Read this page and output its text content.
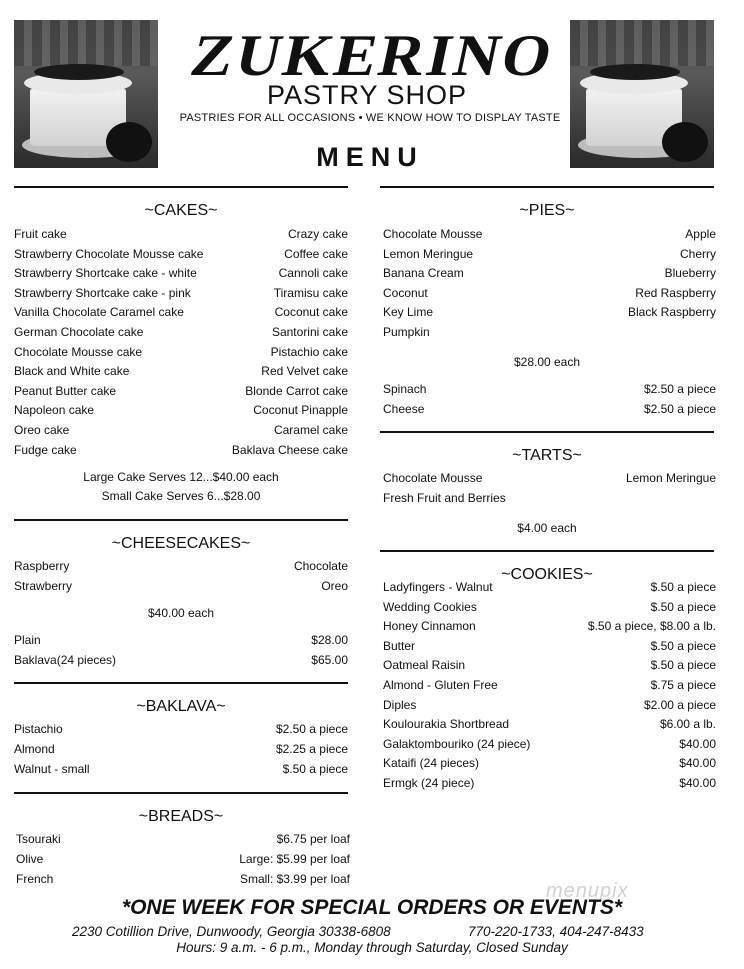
ZUKERINO
PASTRY SHOP
PASTRIES FOR ALL OCCASIONS • WE KNOW HOW TO DISPLAY TASTE
MENU
~CAKES~
Fruit cake	Crazy cake
Strawberry Chocolate Mousse cake	Coffee cake
Strawberry Shortcake cake - white	Cannoli cake
Strawberry Shortcake cake - pink	Tiramisu cake
Vanilla Chocolate Caramel cake	Coconut cake
German Chocolate cake	Santorini cake
Chocolate Mousse cake	Pistachio cake
Black and White cake	Red Velvet cake
Peanut Butter cake	Blonde Carrot cake
Napoleon cake	Coconut Pinapple
Oreo cake	Caramel cake
Fudge cake	Baklava Cheese cake
Large Cake Serves 12...$40.00 each
Small Cake Serves 6...$28.00
~CHEESECAKES~
Raspberry	Chocolate
Strawberry	Oreo
$40.00 each
Plain	$28.00
Baklava(24 pieces)	$65.00
~BAKLAVA~
Pistachio	$2.50 a piece
Almond	$2.25 a piece
Walnut - small	$.50 a piece
~BREADS~
Tsouraki	$6.75 per loaf
Olive	Large: $5.99 per loaf
French	Small: $3.99 per loaf
~PIES~
Chocolate Mousse	Apple
Lemon Meringue	Cherry
Banana Cream	Blueberry
Coconut	Red Raspberry
Key Lime	Black Raspberry
Pumpkin
$28.00 each
Spinach	$2.50 a piece
Cheese	$2.50 a piece
~TARTS~
Chocolate Mousse	Lemon Meringue
Fresh Fruit and Berries
$4.00 each
~COOKIES~
Ladyfingers - Walnut	$.50 a piece
Wedding Cookies	$.50 a piece
Honey Cinnamon	$.50 a piece, $8.00 a lb.
Butter	$.50 a piece
Oatmeal Raisin	$.50 a piece
Almond - Gluten Free	$.75 a piece
Diples	$2.00 a piece
Koulourakia Shortbread	$6.00 a lb.
Galaktombouriko (24 piece)	$40.00
Kataifi (24 pieces)	$40.00
Ermgk (24 piece)	$40.00
menupix
*ONE WEEK FOR SPECIAL ORDERS OR EVENTS*
2230 Cotillion Drive, Dunwoody, Georgia 30338-6808	770-220-1733, 404-247-8433
Hours: 9 a.m. - 6 p.m., Monday through Saturday, Closed Sunday
